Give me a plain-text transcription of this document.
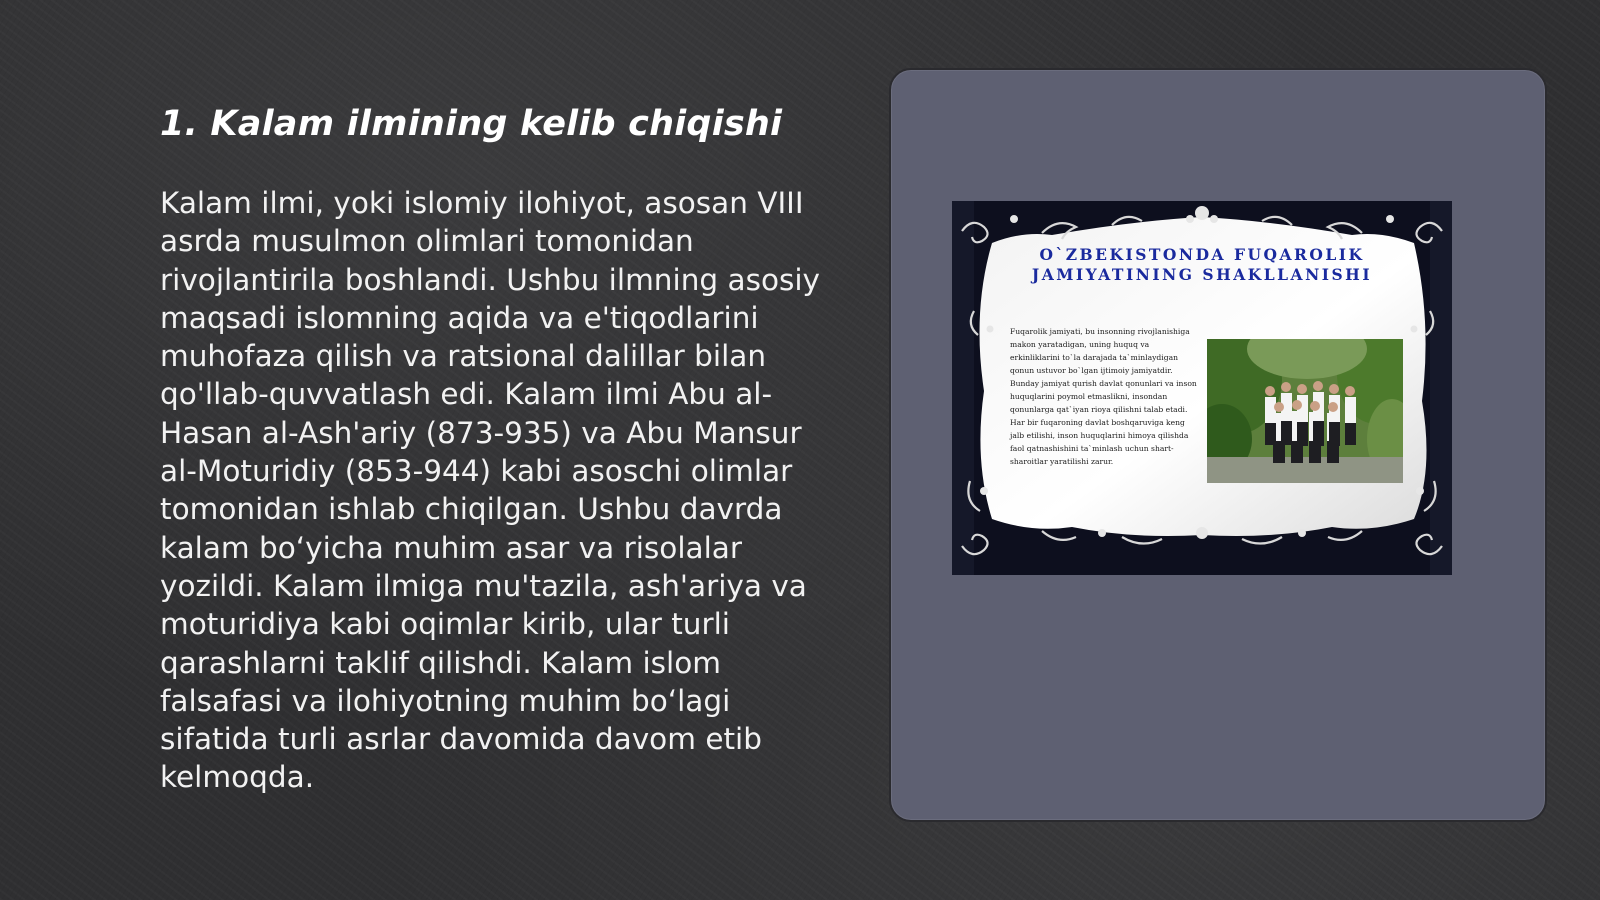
1. Kalam ilmining kelib chiqishi

Kalam ilmi, yoki islomiy ilohiyot, asosan VIII asrda musulmon olimlari tomonidan rivojlantirila boshlandi. Ushbu ilmning asosiy maqsadi islomning aqida va e'tiqodlarini muhofaza qilish va ratsional dalillar bilan qo'llab-quvvatlash edi. Kalam ilmi Abu al-Hasan al-Ash'ariy (873-935) va Abu Mansur al-Moturidiy (853-944) kabi asoschi olimlar tomonidan ishlab chiqilgan. Ushbu davrda kalam bo‘yicha muhim asar va risolalar yozildi. Kalam ilmiga mu'tazila, ash'ariya va moturidiya kabi oqimlar kirib, ular turli qarashlarni taklif qilishdi. Kalam islom falsafasi va ilohiyotning muhim bo‘lagi sifatida turli asrlar davomida davom etib kelmoqda.

O`ZBEKISTONDA FUQAROLIK JAMIYATINING SHAKLLANISHI

Fuqarolik jamiyati, bu insonning rivojlanishiga makon yaratadigan, uning huquq va erkinliklarini to`la darajada ta`minlaydigan qonun ustuvor bo`lgan ijtimoiy jamiyatdir. Bunday jamiyat qurish davlat qonunlari va inson huquqlarini poymol etmaslikni, insondan qonunlarga qat`iyan rioya qilishni talab etadi.

Har bir fuqaroning davlat boshqaruviga keng jalb etilishi, inson huquqlarini himoya qilishda faol qatnashishini ta`minlash uchun shart-sharoitlar yaratilishi zarur.
